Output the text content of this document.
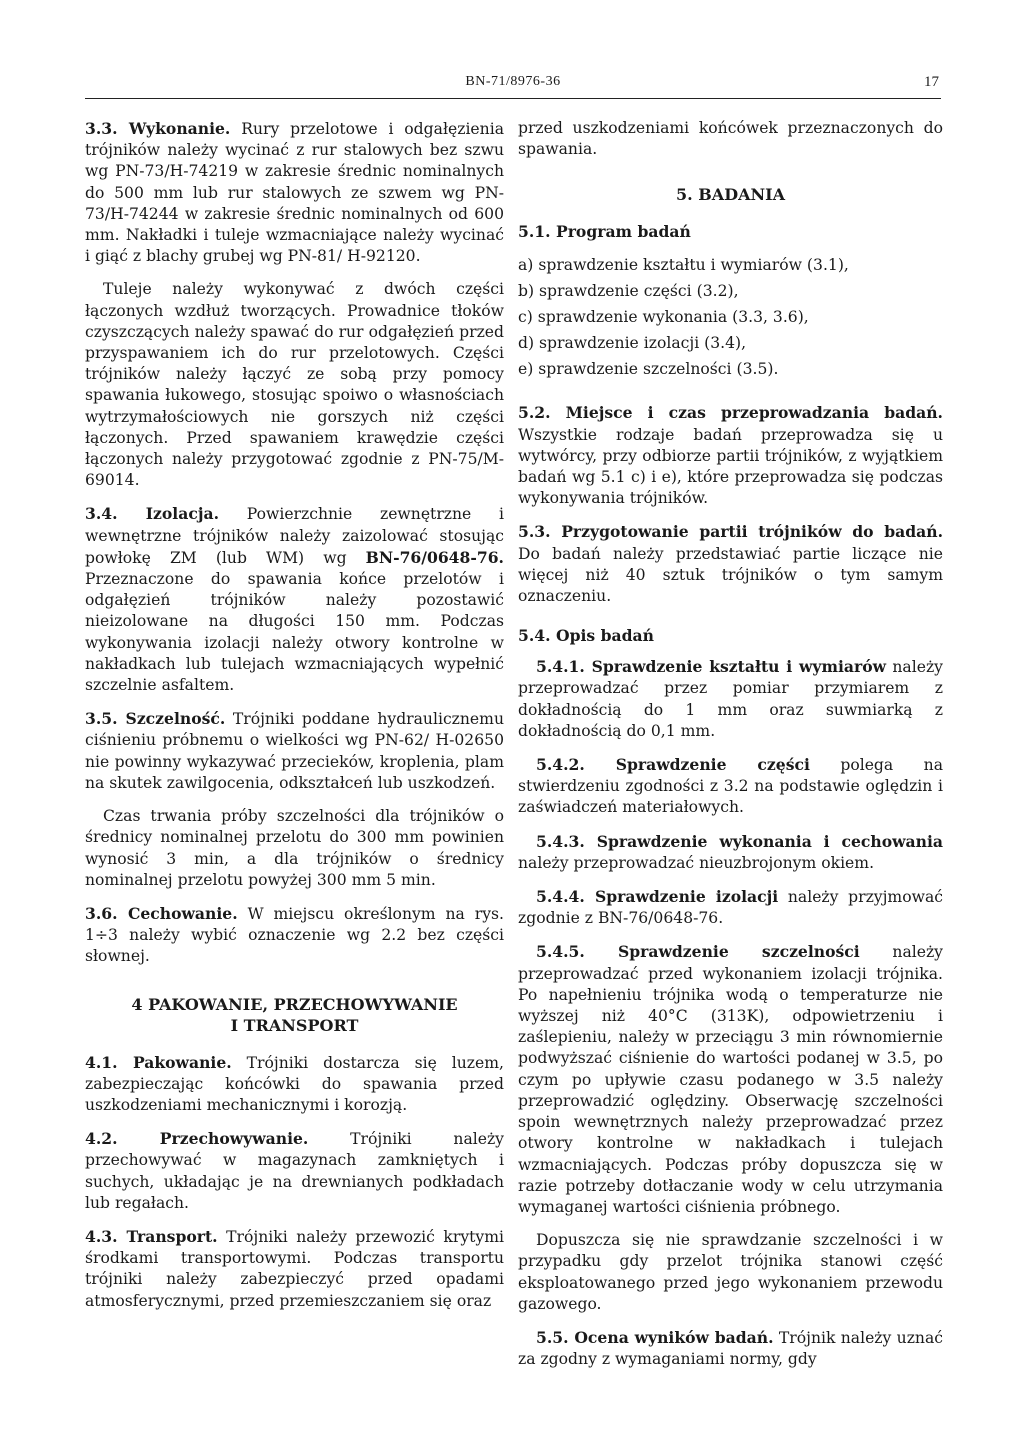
BN-71/8976-36	17

3.3. Wykonanie. Rury przelotowe i odgałęzienia trójników należy wycinać z rur stalowych bez szwu wg PN-73/H-74219 w zakresie średnic nominalnych do 500 mm lub rur stalowych ze szwem wg PN-73/H-74244 w zakresie średnic nominalnych od 600 mm. Nakładki i tuleje wzmacniające należy wycinać i giąć z blachy grubej wg PN-81/ H-92120.

Tuleje należy wykonywać z dwóch części łączonych wzdłuż tworzących. Prowadnice tłoków czyszczących należy spawać do rur odgałęzień przed przyspawaniem ich do rur przelotowych. Części trójników należy łączyć ze sobą przy pomocy spawania łukowego, stosując spoiwo o własnościach wytrzymałościowych nie gorszych niż części łączonych. Przed spawaniem krawędzie części łączonych należy przygotować zgodnie z PN-75/M-69014.

3.4. Izolacja. Powierzchnie zewnętrzne i wewnętrzne trójników należy zaizolować stosując powłokę ZM (lub WM) wg BN-76/0648-76. Przeznaczone do spawania końce przelotów i odgałęzień trójników należy pozostawić nieizolowane na długości 150 mm. Podczas wykonywania izolacji należy otwory kontrolne w nakładkach lub tulejach wzmacniających wypełnić szczelnie asfaltem.

3.5. Szczelność. Trójniki poddane hydraulicznemu ciśnieniu próbnemu o wielkości wg PN-62/ H-02650 nie powinny wykazywać przecieków, kroplenia, plam na skutek zawilgocenia, odkształceń lub uszkodzeń.

Czas trwania próby szczelności dla trójników o średnicy nominalnej przelotu do 300 mm powinien wynosić 3 min, a dla trójników o średnicy nominalnej przelotu powyżej 300 mm 5 min.

3.6. Cechowanie. W miejscu określonym na rys. 1÷3 należy wybić oznaczenie wg 2.2 bez części słownej.

4 PAKOWANIE, PRZECHOWYWANIE
I TRANSPORT

4.1. Pakowanie. Trójniki dostarcza się luzem, zabezpieczając końcówki do spawania przed uszkodzeniami mechanicznymi i korozją.

4.2. Przechowywanie.	Trójniki należy przechowywać w magazynach zamkniętych i suchych, układając je na drewnianych podkładach lub regałach.

4.3. Transport. Trójniki należy przewozić krytymi środkami transportowymi. Podczas transportu trójniki należy zabezpieczyć przed opadami atmosferycznymi, przed przemieszczaniem się oraz

przed uszkodzeniami końcówek przeznaczonych do spawania.

5. BADANIA
5.1. Program badań
a) sprawdzenie kształtu i wymiarów (3.1),
b) sprawdzenie części (3.2),
c) sprawdzenie wykonania (3.3, 3.6),
d) sprawdzenie izolacji (3.4),
e) sprawdzenie szczelności (3.5).

5.2. Miejsce i czas przeprowadzania badań. Wszystkie rodzaje badań przeprowadza się u wytwórcy, przy odbiorze partii trójników, z wyjątkiem badań wg 5.1 c) i e), które przeprowadza się podczas wykonywania trójników.

5.3. Przygotowanie partii trójników do badań. Do badań należy przedstawiać partie liczące nie więcej niż 40 sztuk trójników o tym samym oznaczeniu.

5.4. Opis badań

5.4.1. Sprawdzenie kształtu i wymiarów należy przeprowadzać przez pomiar przymiarem z dokładnością do 1 mm oraz suwmiarką z dokładnością do 0,1 mm.

5.4.2. Sprawdzenie części polega na stwierdzeniu zgodności z 3.2 na podstawie oględzin i zaświadczeń materiałowych.

5.4.3. Sprawdzenie wykonania i cechowania należy przeprowadzać nieuzbrojonym okiem.

5.4.4. Sprawdzenie izolacji należy przyjmować zgodnie z BN-76/0648-76.

5.4.5. Sprawdzenie szczelności należy przeprowadzać przed wykonaniem izolacji trójnika. Po napełnieniu trójnika wodą o temperaturze nie wyższej niż 40°C (313K), odpowietrzeniu i zaślepieniu, należy w przeciągu 3 min równomiernie podwyższać ciśnienie do wartości podanej w 3.5, po czym po upływie czasu podanego w 3.5 należy przeprowadzić oględziny. Obserwację szczelności spoin wewnętrznych należy przeprowadzać przez otwory kontrolne w nakładkach i tulejach wzmacniających. Podczas próby dopuszcza się w razie potrzeby dotłaczanie wody w celu utrzymania wymaganej wartości ciśnienia próbnego.

Dopuszcza się nie sprawdzanie szczelności i w przypadku gdy przelot trójnika stanowi część eksploatowanego przed jego wykonaniem przewodu gazowego.

5.5. Ocena wyników badań. Trójnik należy uznać za zgodny z wymaganiami normy, gdy
